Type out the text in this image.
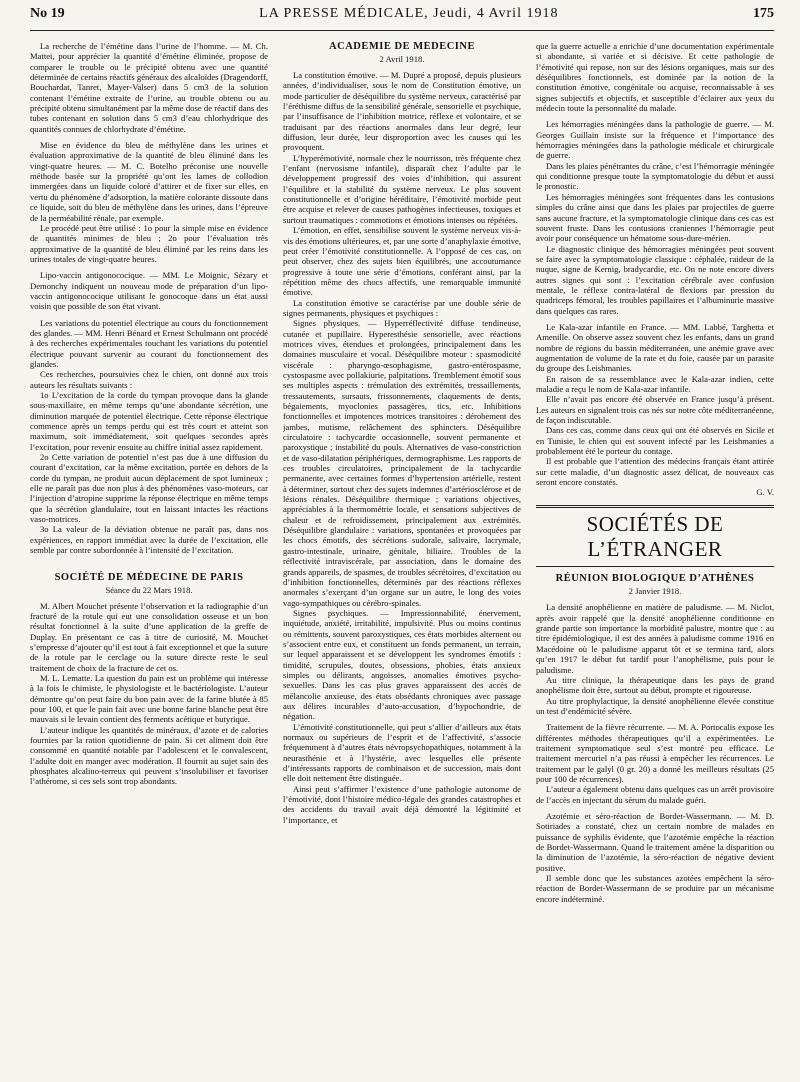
No 19	LA PRESSE MÉDICALE, Jeudi, 4 Avril 1918	175

La recherche de l’émétine dans l’urine de l’homme. — M. Ch. Mattei, pour apprécier la quantité d’émétine éliminée, propose de comparer le trouble ou le précipité obtenu avec une quantité déterminée de certains réactifs généraux des alcaloïdes (Dragendorff, Bouchardat, Tanret, Mayer-Valser) dans 5 cm3 de la solution contenant l’émétine extraite de l’urine, au trouble obtenu ou au précipité obtenu simultanément par la même dose de réactif dans des tubes contenant en solution dans 5 cm3 d’eau chlorhydrique des quantités connues de chlorhydrate d’émétine.

Mise en évidence du bleu de méthylène dans les urines et évaluation approximative de la quantité de bleu éliminé dans les vingt-quatre heures. — M. C. Botelho préconise une nouvelle méthode basée sur la propriété qu’ont les lames de collodion immergées dans un liquide coloré d’attirer et de fixer sur elles, en vertu du phénomène d’adsorption, la matière colorante dissoute dans ce liquide, soit du bleu de méthylène dans les urines, dans l’épreuve de la perméabilité rénale, par exemple.

Le procédé peut être utilisé : 1o pour la simple mise en évidence de quantités minimes de bleu ; 2o pour l’évaluation très approximative de la quantité de bleu éliminé par les reins dans les urines totales de vingt-quatre heures.

Lipo-vaccin antigonococique. — MM. Le Moignic, Sézary et Demonchy indiquent un nouveau mode de préparation d’un lipo-vaccin antigonococique utilisant le gonocoque dans un état aussi voisin que possible de son état vivant.

Les variations du potentiel électrique au cours du fonctionnement des glandes. — MM. Henri Bénard et Ernest Schulmann ont procédé à des recherches expérimentales touchant les variations du potentiel électrique pouvant survenir au courant du fonctionnement des glandes.

Ces recherches, poursuivies chez le chien, ont donné aux trois auteurs les résultats suivants :

1o L’excitation de la corde du tympan provoque dans la glande sous-maxillaire, en même temps qu’une abondante sécrétion, une diminution marquée de potentiel électrique. Cette réponse électrique commence après un temps perdu qui est très court et atteint son maximum, soit immédiatement, soit quelques secondes après l’excitation, pour revenir ensuite au chiffre initial assez rapidement.

2o Cette variation de potentiel n’est pas due à une diffusion du courant d’excitation, car la même excitation, portée en dehors de la corde du tympan, ne produit aucun déplacement de spot lumineux ; elle ne paraît pas due non plus à des phénomènes vaso-moteurs, car l’injection d’atropine supprime la réponse électrique en même temps que la sécrétion glandulaire, tout en laissant intactes les réactions vaso-motrices.

3o La valeur de la déviation obtenue ne paraît pas, dans nos expériences, en rapport immédiat avec la durée de l’excitation, elle semble par contre subordonnée à l’intensité de l’excitation.

SOCIÉTÉ DE MÉDECINE DE PARIS
Séance du 22 Mars 1918.

M. Albert Mouchet présente l’observation et la radiographie d’un fracturé de la rotule qui eut une consolidation osseuse et un bon résultat fonctionnel à la suite d’une application de la greffe de Duplay. En présentant ce cas à titre de curiosité, M. Mouchet s’empresse d’ajouter qu’il est tout à fait exceptionnel et que la suture de la rotule par le cerclage ou la suture directe reste le seul traitement de choix de la fracture de cet os.

M. L. Lematte. La question du pain est un problème qui intéresse à la fois le chimiste, le physiologiste et le bactériologiste. L’auteur démontre qu’on peut faire du bon pain avec de la farine blutée à 85 pour 100, et que le pain fait avec une bonne farine blanche peut être mauvais si le levain contient des ferments acétique et butyrique.

L’auteur indique les quantités de minéraux, d’azote et de calories fournies par la ration quotidienne de pain. Si cet aliment doit être consommé en quantité notable par l’adolescent et le convalescent, l’adulte doit en manger avec modération. Il fournit au sujet sain des phosphates alcalino-terreux qui peuvent s’insolubiliser et favoriser l’athérome, si ces sels sont trop abondants.

ACADÉMIE DE MÉDECINE
2 Avril 1918.

La constitution émotive. — M. Dupré a proposé, depuis plusieurs années, d’individualiser, sous le nom de Constitution émotive, un mode particulier de déséquilibre du système nerveux, caractérisé par l’éréthisme diffus de la sensibilité générale, sensorielle et psychique, par l’insuffisance de l’inhibition motrice, réflexe et volontaire, et se traduisant par des réactions anormales dans leur degré, leur diffusion, leur durée, leur disproportion avec les causes qui les provoquent.

L’hyperémotivité, normale chez le nourrisson, très fréquente chez l’enfant (nervosisme infantile), disparaît chez l’adulte par le développement progressif des voies d’inhibition, qui assurent l’équilibre et la stabilité du système nerveux. Le plus souvent constitutionnelle et d’origine héréditaire, l’émotivité morbide peut être acquise et relever de causes pathogènes infectieuses, toxiques et surtout traumatiques : commotions et émotions intenses ou répétées.

L’émotion, en effet, sensibilise souvent le système nerveux vis-à-vis des émotions ultérieures, et, par une sorte d’anaphylaxie émotive, peut créer l’émotivité constitutionnelle. A l’opposé de ces cas, on peut observer, chez des sujets bien équilibrés, une accoutumance progressive à toute une série d’émotions, conférant ainsi, par la répétition même des chocs affectifs, une remarquable immunité émotive.

La constitution émotive se caractérise par une double série de signes permanents, physiques et psychiques :

Signes physiques. — Hyperréflectivité diffuse tendineuse, cutanée et pupillaire. Hyperesthésie sensorielle, avec réactions motrices vives, étendues et prolongées, principalement dans les domaines musculaire et vocal. Déséquilibre moteur : spasmodicité viscérale : pharyngo-œsophagisme, gastro-entérospasme, cystospasme avec pollakiurie, palpitations. Tremblement émotif sous ses multiples aspects : trémulation des extrémités, tressaillements, tressautements, sursauts, frissonnements, claquements de dents, bégaiements, myoclonies passagères, tics, etc. Inhibitions fonctionnelles et impotences motrices transitoires : dérobement des jambes, mutisme, relâchement des sphincters. Déséquilibre circulatoire : tachycardie occasionnelle, souvent permanente et paroxystique ; instabilité du pouls. Alternatives de vaso-constriction et de vaso-dilatation périphériques, dermographisme. Les rapports de ces troubles circulatoires, principalement de la tachycardie permanente, avec certaines formes d’hypertension artérielle, restent à déterminer, surtout chez des sujets indemnes d’artériosclérose et de lésions rénales. Déséquilibre thermique ; variations objectives, appréciables à la thermométrie locale, et sensations subjectives de chaleur et de refroidissement, principalement aux extrémités. Déséquilibre glandulaire : variations, spontanées et provoquées par les chocs émotifs, des sécrétions sudorale, salivaire, lacrymale, gastro-intestinale, urinaire, génitale, biliaire. Troubles de la réflectivité intraviscérale, par association, dans le domaine des grands appareils, de spasmes, de troubles sécrétoires, d’excitation ou d’inhibition fonctionnelles, déterminés par des réactions réflexes anormales s’exerçant d’un organe sur un autre, le long des voies vago-sympathiques ou cérébro-spinales.

Signes psychiques. — Impressionnabilité, énervement, inquiétude, anxiété, irritabilité, impulsivité. Plus ou moins continus ou rémittents, souvent paroxystiques, ces états morbides alternent ou s’associent entre eux, et constituent un fonds permanent, un terrain, sur lequel apparaissent et se développent les syndromes émotifs : timidité, scrupules, doutes, obsessions, phobies, états anxieux simples ou délirants, angoisses, anomalies émotives psycho-sexuelles. Dans les cas plus graves apparaissent des accès de mélancolie anxieuse, des états obsédants chroniques avec passage aux délires incurables d’auto-accusation, d’hypochondrie, de négation.

L’émotivité constitutionnelle, qui peut s’allier d’ailleurs aux états normaux ou supérieurs de l’esprit et de l’affectivité, s’associe fréquemment à d’autres états névropsychopathiques, notamment à la neurasthénie et à l’hystérie, avec lesquelles elle présente d’intéressants rapports de combinaison et de succession, mais dont elle doit nettement être distinguée.

Ainsi peut s’affirmer l’existence d’une pathologie autonome de l’émotivité, dont l’histoire médico-légale des grandes catastrophes et des accidents du travail avait déjà démontré la légitimité et l’importance, et

que la guerre actuelle a enrichie d’une documentation expérimentale si abondante, si variée et si décisive. Et cette pathologie de l’émotivité qui repose, non sur des lésions organiques, mais sur des déséquilibres fonctionnels, est dominée par la notion de la constitution émotive, congénitale ou acquise, reconnaissable à ses signes subjectifs et objectifs, et susceptible d’éclairer aux yeux du médecin toute la personnalité du malade.

Les hémorragies méningées dans la pathologie de guerre. — M. Georges Guillain insiste sur la fréquence et l’importance des hémorragies méningées dans la pathologie médicale et chirurgicale de guerre.

Dans les plaies pénétrantes du crâne, c’est l’hémorragie méningée qui conditionne presque toute la symptomatologie du début et aussi le pronostic.

Les hémorragies méningées sont fréquentes dans les contusions simples du crâne ainsi que dans les plaies par projectiles de guerre sans aucune fracture, et la symptomatologie clinique dans ces cas est souvent fruste. Dans les contusions craniennes l’hémorragie peut avoir pour conséquence un hématome sous-dure-mérien.

Le diagnostic clinique des hémorragies méningées peut souvent se faire avec la symptomatologie classique : céphalée, raideur de la nuque, signe de Kernig, bradycardie, etc. On ne note encore divers autres signes qui sont : l’excitation cérébrale avec confusion mentale, le réflexe contra-latéral de flexions par pression du quadriceps fémoral, les troubles papillaires et l’albuminurie massive dans quelques cas rares.

Le Kala-azar infantile en France. — MM. Labbé, Targhetta et Amenille. On observe assez souvent chez les enfants, dans un grand nombre de régions du bassin méditerranéen, une anémie grave avec augmentation de volume de la rate et du foie, causée par un parasite du groupe des Leishmanies.

En raison de sa ressemblance avec le Kala-azar indien, cette maladie a reçu le nom de Kala-azar infantile.

Elle n’avait pas encore été observée en France jusqu’à présent. Les auteurs en signalent trois cas nés sur notre côte méditerranéenne, de façon indiscutable.

Dans ces cas, comme dans ceux qui ont été observés en Sicile et en Tunisie, le chien qui est souvent infecté par les Leishmanies a probablement été le porteur du contage.

Il est probable que l’attention des médecins français étant attirée sur cette maladie, d’un diagnostic assez délicat, de nouveaux cas seront encore constatés.

G. V.
SOCIÉTÉS DE L’ÉTRANGER
RÉUNION BIOLOGIQUE D’ATHÈNES
2 Janvier 1918.

La densité anophélienne en matière de paludisme. — M. Niclot, après avoir rappelé que la densité anophélienne conditionne en grande partie son importance la morbidité palustre, montre que : au titre épidémiologique, il est des années à paludisme comme 1916 en Macédoine où le paludisme apparut tôt et se termina tard, alors qu’en 1917 le début fut tardif pour l’anophélisme, puis pour le paludisme.

Au titre clinique, la thérapeutique dans les pays de grand anophélisme doit être, surtout au début, prompte et rigoureuse.

Au titre prophylactique, la densité anophélienne élevée constitue un test d’endémicité sévère.

Traitement de la fièvre récurrente. — M. A. Portocalis expose les différentes méthodes thérapeutiques qu’il a expérimentées. Le traitement symptomatique seul s’est montré peu efficace. Le traitement mercuriel n’a pas réussi à empêcher les récurrences. Le traitement par le galyl (0 gr. 20) a donné les meilleurs résultats (25 pour 100 de récurrences).

L’auteur a également obtenu dans quelques cas un arrêt provisoire de l’accès en injectant du sérum du malade guéri.

Azotémie et séro-réaction de Bordet-Wassermann. — M. D. Sotiriades a constaté, chez un certain nombre de malades en puissance de syphilis évidente, que l’azotémie empêche la réaction de Bordet-Wassermann. Quand le traitement amène la disparition ou la diminution de l’azotémie, la séro-réaction de négative devient positive.

Il semble donc que les substances azotées empêchent la séro-réaction de Bordet-Wassermann de se produire par un mécanisme encore indéterminé.
